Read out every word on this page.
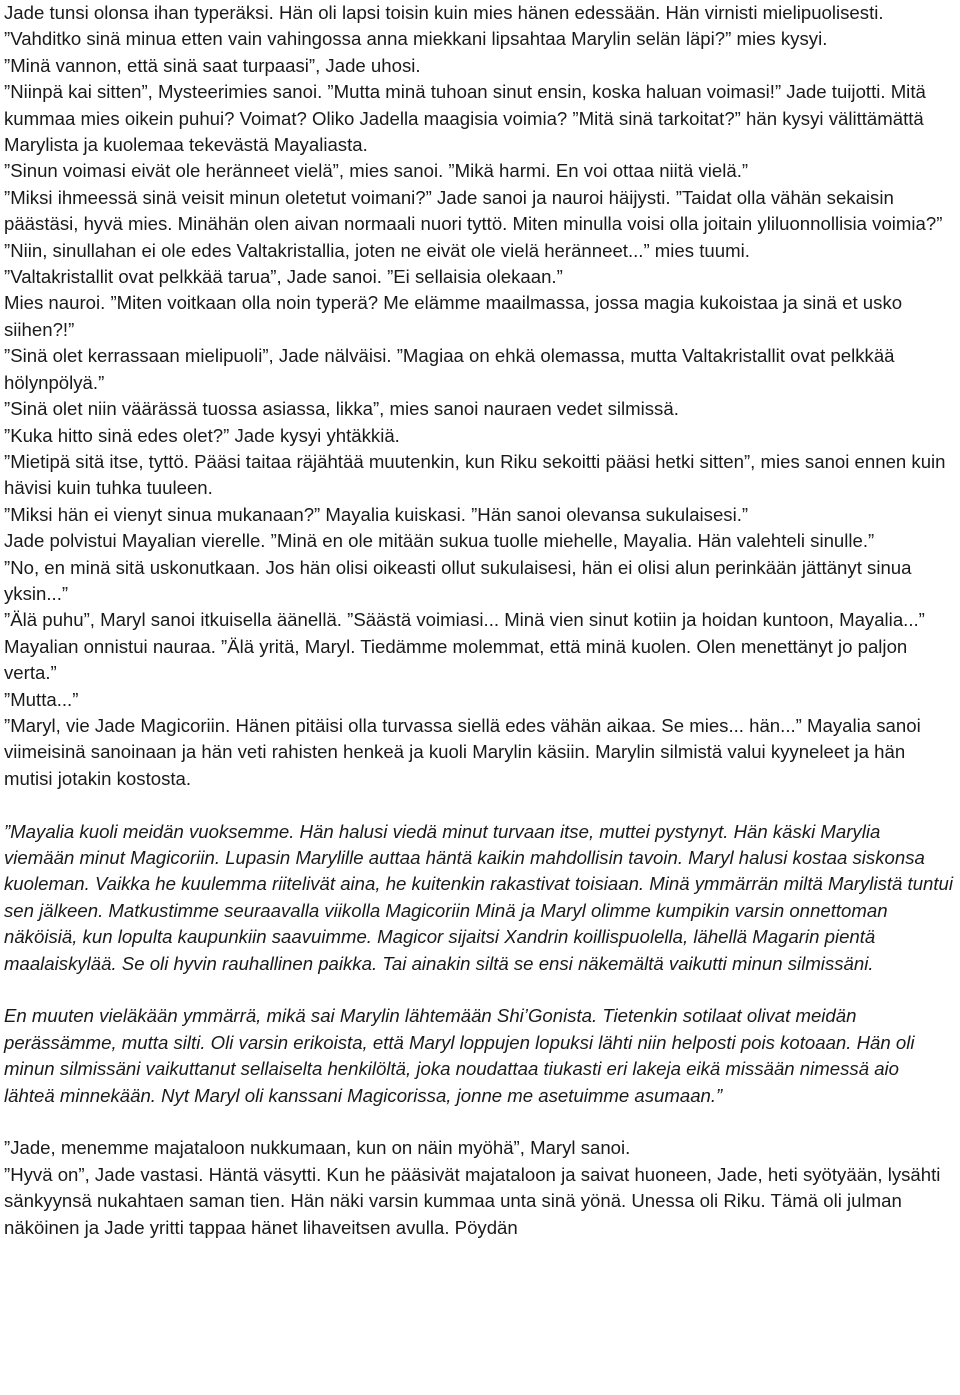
Jade tunsi olonsa ihan typeräksi. Hän oli lapsi toisin kuin mies hänen edessään. Hän virnisti mielipuolisesti. ”Vahditko sinä minua etten vain vahingossa anna miekkani lipsahtaa Marylin selän läpi?” mies kysyi.

”Minä vannon, että sinä saat turpaasi”, Jade uhosi.

”Niinpä kai sitten”, Mysteerimies sanoi. ”Mutta minä tuhoan sinut ensin, koska haluan voimasi!” Jade tuijotti. Mitä kummaa mies oikein puhui? Voimat? Oliko Jadella maagisia voimia? ”Mitä sinä tarkoitat?” hän kysyi välittämättä Marylista ja kuolemaa tekevästä Mayaliasta.

”Sinun voimasi eivät ole heränneet vielä”, mies sanoi. ”Mikä harmi. En voi ottaa niitä vielä.”

”Miksi ihmeessä sinä veisit minun oletetut voimani?” Jade sanoi ja nauroi häijysti. ”Taidat olla vähän sekaisin päästäsi, hyvä mies. Minähän olen aivan normaali nuori tyttö. Miten minulla voisi olla joitain yliluonnollisia voimia?”

”Niin, sinullahan ei ole edes Valtakristallia, joten ne eivät ole vielä heränneet...” mies tuumi.

”Valtakristallit ovat pelkkää tarua”, Jade sanoi. ”Ei sellaisia olekaan.”

Mies nauroi. ”Miten voitkaan olla noin typerä? Me elämme maailmassa, jossa magia kukoistaa ja sinä et usko siihen?!”

”Sinä olet kerrassaan mielipuoli”, Jade nälväisi. ”Magiaa on ehkä olemassa, mutta Valtakristallit ovat pelkkää hölynpölyä.”

”Sinä olet niin väärässä tuossa asiassa, likka”, mies sanoi nauraen vedet silmissä.

”Kuka hitto sinä edes olet?” Jade kysyi yhtäkkiä.

”Mietipä sitä itse, tyttö. Pääsi taitaa räjähtää muutenkin, kun Riku sekoitti pääsi hetki sitten”, mies sanoi ennen kuin hävisi kuin tuhka tuuleen.

”Miksi hän ei vienyt sinua mukanaan?” Mayalia kuiskasi. ”Hän sanoi olevansa sukulaisesi.”

Jade polvistui Mayalian vierelle. ”Minä en ole mitään sukua tuolle miehelle, Mayalia. Hän valehteli sinulle.”

”No, en minä sitä uskonutkaan. Jos hän olisi oikeasti ollut sukulaisesi, hän ei olisi alun perinkään jättänyt sinua yksin...”

”Älä puhu”, Maryl sanoi itkuisella äänellä. ”Säästä voimiasi... Minä vien sinut kotiin ja hoidan kuntoon, Mayalia...”

Mayalian onnistui nauraa. ”Älä yritä, Maryl. Tiedämme molemmat, että minä kuolen. Olen menettänyt jo paljon verta.”

”Mutta...”

”Maryl, vie Jade Magicoriin. Hänen pitäisi olla turvassa siellä edes vähän aikaa. Se mies... hän...” Mayalia sanoi viimeisinä sanoinaan ja hän veti rahisten henkeä ja kuoli Marylin käsiin. Marylin silmistä valui kyyneleet ja hän mutisi jotakin kostosta.

”Mayalia kuoli meidän vuoksemme. Hän halusi viedä minut turvaan itse, muttei pystynyt. Hän käski Marylia viemään minut Magicoriin. Lupasin Marylille auttaa häntä kaikin mahdollisin tavoin. Maryl halusi kostaa siskonsa kuoleman. Vaikka he kuulemma riitelivät aina, he kuitenkin rakastivat toisiaan. Minä ymmärrän miltä Marylistä tuntui sen jälkeen. Matkustimme seuraavalla viikolla Magicoriin Minä ja Maryl olimme kumpikin varsin onnettoman näköisiä, kun lopulta kaupunkiin saavuimme. Magicor sijaitsi Xandrin koillispuolella, lähellä Magarin pientä maalaiskylää. Se oli hyvin rauhallinen paikka. Tai ainakin siltä se ensi näkemältä vaikutti minun silmissäni.

En muuten vieläkään ymmärrä, mikä sai Marylin lähtemään Shi’Gonista. Tietenkin sotilaat olivat meidän perässämme, mutta silti. Oli varsin erikoista, että Maryl loppujen lopuksi lähti niin helposti pois kotoaan. Hän oli minun silmissäni vaikuttanut sellaiselta henkilöltä, joka noudattaa tiukasti eri lakeja eikä missään nimessä aio lähteä minnekään. Nyt Maryl oli kanssani Magicorissa, jonne me asetuimme asumaan.”

”Jade, menemme majataloon nukkumaan, kun on näin myöhä”, Maryl sanoi.

”Hyvä on”, Jade vastasi. Häntä väsytti. Kun he pääsivät majataloon ja saivat huoneen, Jade, heti syötyään, lysähti sänkyynsä nukahtaen saman tien. Hän näki varsin kummaa unta sinä yönä. Unessa oli Riku. Tämä oli julman näköinen ja Jade yritti tappaa hänet lihaveitsen avulla. Pöydän
